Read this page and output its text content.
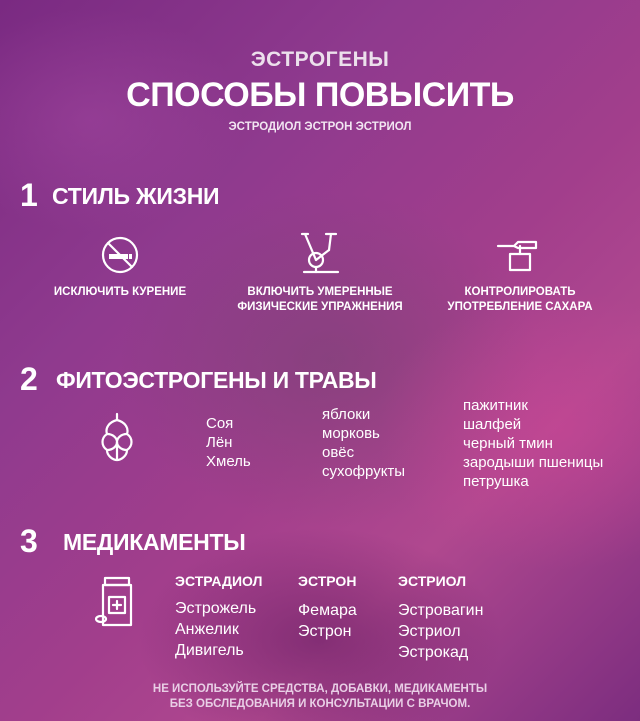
ЭСТРОГЕНЫ
СПОСОБЫ ПОВЫСИТЬ
ЭСТРОДИОЛ ЭСТРОН ЭСТРИОЛ
1 СТИЛЬ ЖИЗНИ
ИСКЛЮЧИТЬ КУРЕНИЕ	ВКЛЮЧИТЬ УМЕРЕННЫЕ
ФИЗИЧЕСКИЕ УПРАЖНЕНИЯ
КОНТРОЛИРОВАТЬ
УПОТРЕБЛЕНИЕ САХАРА
2 ФИТОЭСТРОГЕНЫ И ТРАВЫ
Соя
Лён
Хмель
яблоки
морковь
овёс
сухофрукты
пажитник
шалфей
черный тмин
зародыши пшеницы
петрушка
3 МЕДИКАМЕНТЫ
ЭСТРАДИОЛ
Эстрожель
Анжелик
Дивигель
ЭСТРОН
Фемара
Эстрон
ЭСТРИОЛ
Эстровагин
Эстриол
Эстрокад
НЕ ИСПОЛЬЗУЙТЕ СРЕДСТВА, ДОБАВКИ, МЕДИКАМЕНТЫ
БЕЗ ОБСЛЕДОВАНИЯ И КОНСУЛЬТАЦИИ С ВРАЧОМ.
